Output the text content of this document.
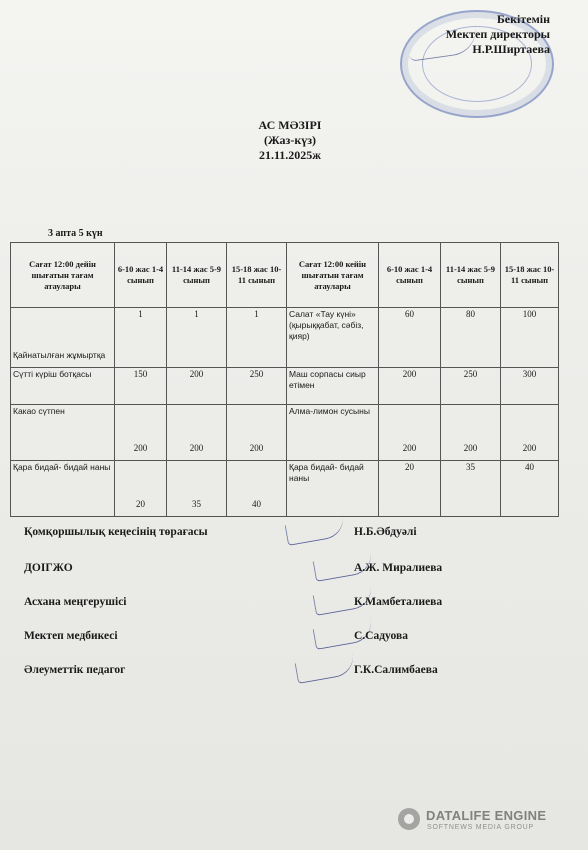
Бекітемін
Мектеп директоры
Н.Р.Ширтаева
АС МӘЗІРІ
(Жаз-күз)
21.11.2025ж
3 апта 5 күн
Сағат 12:00 дейін шығатын тағам атаулары	6-10 жас 1-4 сынып	11-14 жас 5-9 сынып	15-18 жас 10-11 сынып	Сағат 12:00 кейін шығатын тағам атаулары	6-10 жас 1-4 сынып	11-14 жас 5-9 сынып	15-18 жас 10-11 сынып
Қайнатылған жұмыртқа	1	1	1	Салат «Тау күні» (қырыққабат, сәбіз, қияр)	60	80	100
Сүтті күріш ботқасы	150	200	250	Маш сорпасы сиыр етімен	200	250	300
Какао сүтпен	200	200	200	Алма-лимон сусыны	200	200	200
Қара бидай- бидай наны	20	35	40	Қара бидай- бидай наны	20	35	40
Қомқоршылық кеңесінің төрағасы	Н.Б.Әбдуәлі
ДОІГЖО	А.Ж. Миралиева
Асхана меңгерушісі	К.Мамбеталиева
Мектеп медбикесі	С.Садуова
Әлеуметтік педагог	Г.К.Салимбаева
DATALIFE ENGINE
SOFTNEWS MEDIA GROUP
